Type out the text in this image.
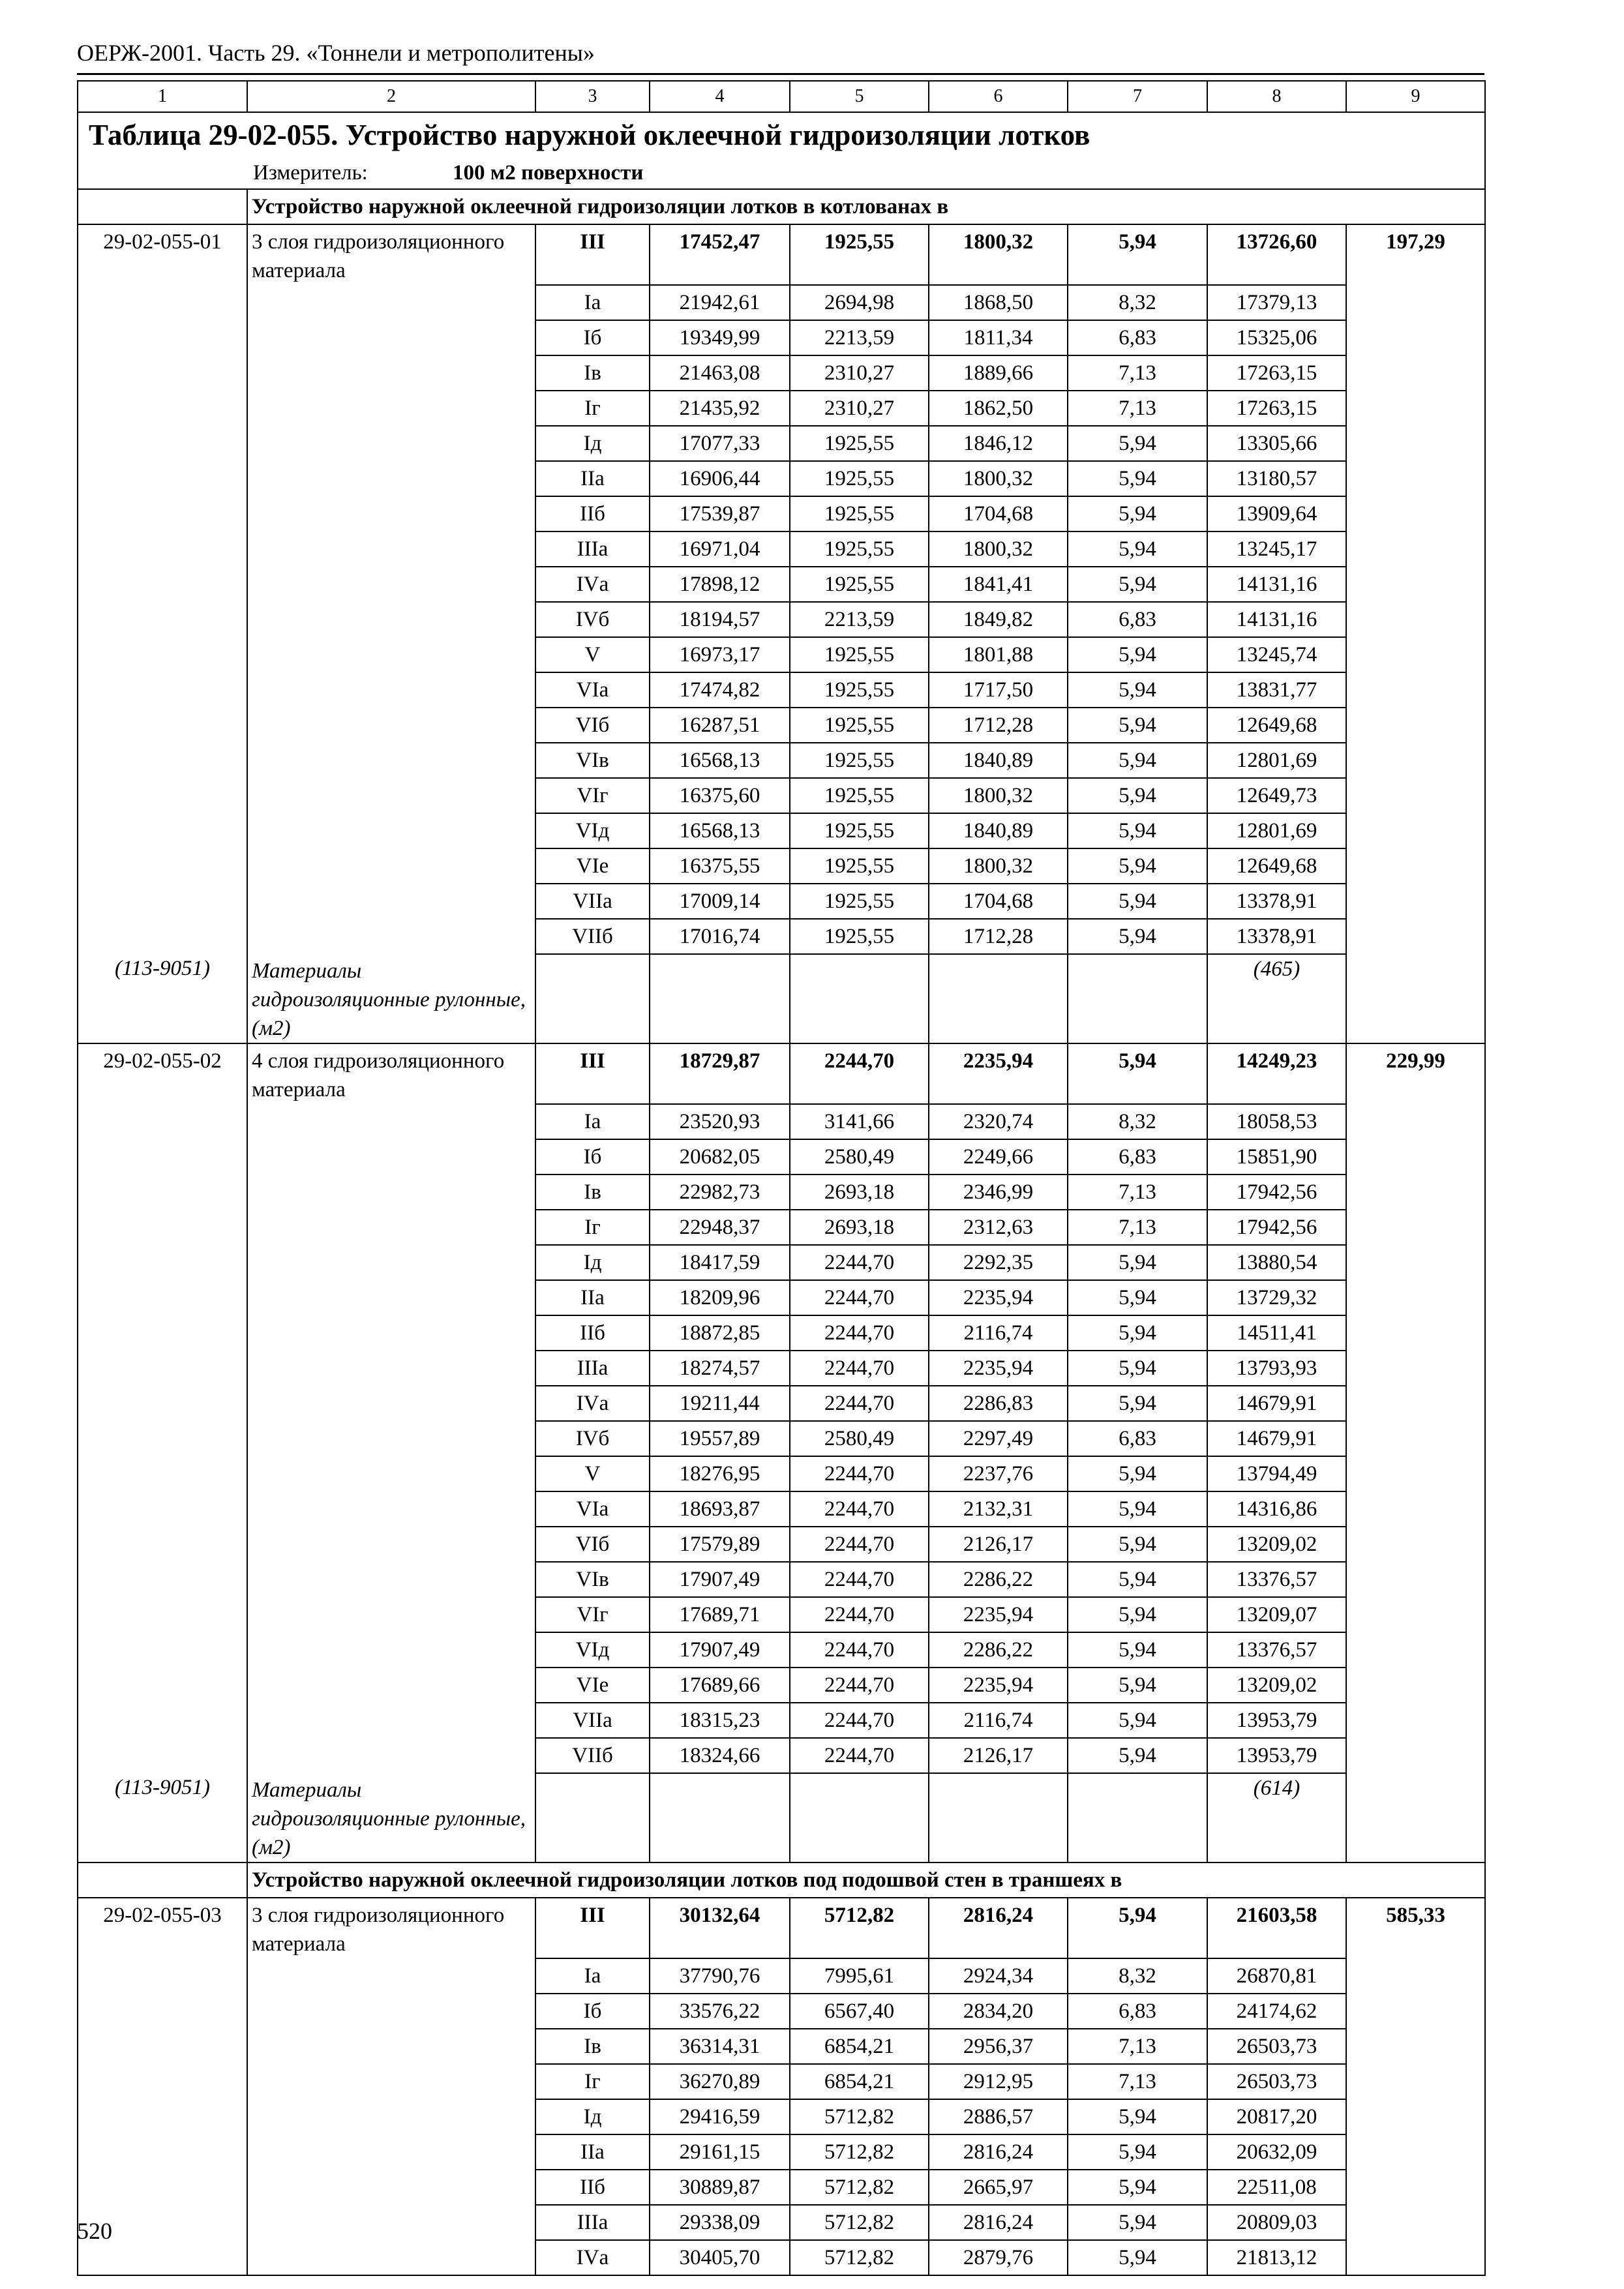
ОЕРЖ-2001. Часть 29. «Тоннели и метрополитены»
1	2	3	4	5	6	7	8	9

Таблица 29-02-055. Устройство наружной оклеечной гидроизоляции лотков
Измеритель: 100 м2 поверхности								

	Устройство наружной оклеечной гидроизоляции лотков в котлованах в							
29-02-055-01	3 слоя гидроизоляционного материала	III	17452,47	1925,55	1800,32	5,94	13726,60	197,29
		Iа	21942,61	2694,98	1868,50	8,32	17379,13	
		Iб	19349,99	2213,59	1811,34	6,83	15325,06	
		Iв	21463,08	2310,27	1889,66	7,13	17263,15	
		Iг	21435,92	2310,27	1862,50	7,13	17263,15	
		Iд	17077,33	1925,55	1846,12	5,94	13305,66	
		IIа	16906,44	1925,55	1800,32	5,94	13180,57	
		IIб	17539,87	1925,55	1704,68	5,94	13909,64	
		IIIа	16971,04	1925,55	1800,32	5,94	13245,17	
		IVа	17898,12	1925,55	1841,41	5,94	14131,16	
		IVб	18194,57	2213,59	1849,82	6,83	14131,16	
		V	16973,17	1925,55	1801,88	5,94	13245,74	
		VIа	17474,82	1925,55	1717,50	5,94	13831,77	
		VIб	16287,51	1925,55	1712,28	5,94	12649,68	
		VIв	16568,13	1925,55	1840,89	5,94	12801,69	
		VIг	16375,60	1925,55	1800,32	5,94	12649,73	
		VIд	16568,13	1925,55	1840,89	5,94	12801,69	
		VIе	16375,55	1925,55	1800,32	5,94	12649,68	
		VIIа	17009,14	1925,55	1704,68	5,94	13378,91	
		VIIб	17016,74	1925,55	1712,28	5,94	13378,91	
(113-9051)	Материалы гидроизоляционные рулонные, (м2)						(465)	
29-02-055-02	4 слоя гидроизоляционного материала	III	18729,87	2244,70	2235,94	5,94	14249,23	229,99
		Iа	23520,93	3141,66	2320,74	8,32	18058,53	
		Iб	20682,05	2580,49	2249,66	6,83	15851,90	
		Iв	22982,73	2693,18	2346,99	7,13	17942,56	
		Iг	22948,37	2693,18	2312,63	7,13	17942,56	
		Iд	18417,59	2244,70	2292,35	5,94	13880,54	
		IIа	18209,96	2244,70	2235,94	5,94	13729,32	
		IIб	18872,85	2244,70	2116,74	5,94	14511,41	
		IIIа	18274,57	2244,70	2235,94	5,94	13793,93	
		IVа	19211,44	2244,70	2286,83	5,94	14679,91	
		IVб	19557,89	2580,49	2297,49	6,83	14679,91	
		V	18276,95	2244,70	2237,76	5,94	13794,49	
		VIа	18693,87	2244,70	2132,31	5,94	14316,86	
		VIб	17579,89	2244,70	2126,17	5,94	13209,02	
		VIв	17907,49	2244,70	2286,22	5,94	13376,57	
		VIг	17689,71	2244,70	2235,94	5,94	13209,07	
		VIд	17907,49	2244,70	2286,22	5,94	13376,57	
		VIе	17689,66	2244,70	2235,94	5,94	13209,02	
		VIIа	18315,23	2244,70	2116,74	5,94	13953,79	
		VIIб	18324,66	2244,70	2126,17	5,94	13953,79	
(113-9051)	Материалы гидроизоляционные рулонные, (м2)						(614)	
	Устройство наружной оклеечной гидроизоляции лотков под подошвой стен в траншеях в							
29-02-055-03	3 слоя гидроизоляционного материала	III	30132,64	5712,82	2816,24	5,94	21603,58	585,33
		Iа	37790,76	7995,61	2924,34	8,32	26870,81	
		Iб	33576,22	6567,40	2834,20	6,83	24174,62	
		Iв	36314,31	6854,21	2956,37	7,13	26503,73	
		Iг	36270,89	6854,21	2912,95	7,13	26503,73	
		Iд	29416,59	5712,82	2886,57	5,94	20817,20	
		IIа	29161,15	5712,82	2816,24	5,94	20632,09	
		IIб	30889,87	5712,82	2665,97	5,94	22511,08	
		IIIа	29338,09	5712,82	2816,24	5,94	20809,03	
		IVа	30405,70	5712,82	2879,76	5,94	21813,12	
520
